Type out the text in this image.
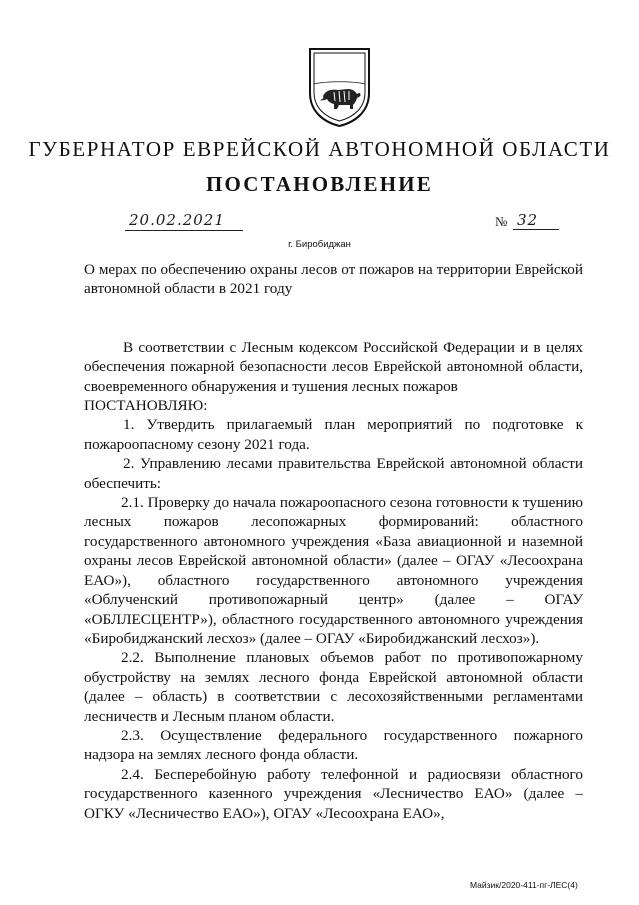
ГУБЕРНАТОР ЕВРЕЙСКОЙ АВТОНОМНОЙ ОБЛАСТИ
ПОСТАНОВЛЕНИЕ
20.02.2021	№ 32
г. Биробиджан

О мерах по обеспечению охраны лесов от пожаров на территории Еврейской автономной области в 2021 году

В соответствии с Лесным кодексом Российской Федерации и в целях обеспечения пожарной безопасности лесов Еврейской автономной области, своевременного обнаружения и тушения лесных пожаров

ПОСТАНОВЛЯЮ:

1. Утвердить прилагаемый план мероприятий по подготовке к пожароопасному сезону 2021 года.

2. Управлению лесами правительства Еврейской автономной области обеспечить:

2.1. Проверку до начала пожароопасного сезона готовности к тушению лесных пожаров лесопожарных формирований: областного государственного автономного учреждения «База авиационной и наземной охраны лесов Еврейской автономной области» (далее – ОГАУ «Лесоохрана ЕАО»), областного государственного автономного учреждения «Облученский противопожарный центр» (далее – ОГАУ «ОБЛЛЕСЦЕНТР»), областного государственного автономного учреждения «Биробиджанский лесхоз» (далее – ОГАУ «Биробиджанский лесхоз»).

2.2. Выполнение плановых объемов работ по противопожарному обустройству на землях лесного фонда Еврейской автономной области (далее – область) в соответствии с лесохозяйственными регламентами лесничеств и Лесным планом области.

2.3. Осуществление федерального государственного пожарного надзора на землях лесного фонда области.

2.4. Бесперебойную работу телефонной и радиосвязи областного государственного казенного учреждения «Лесничество ЕАО» (далее – ОГКУ «Лесничество ЕАО»), ОГАУ «Лесоохрана ЕАО»,

Майзик/2020-411-пг-ЛЕС(4)
